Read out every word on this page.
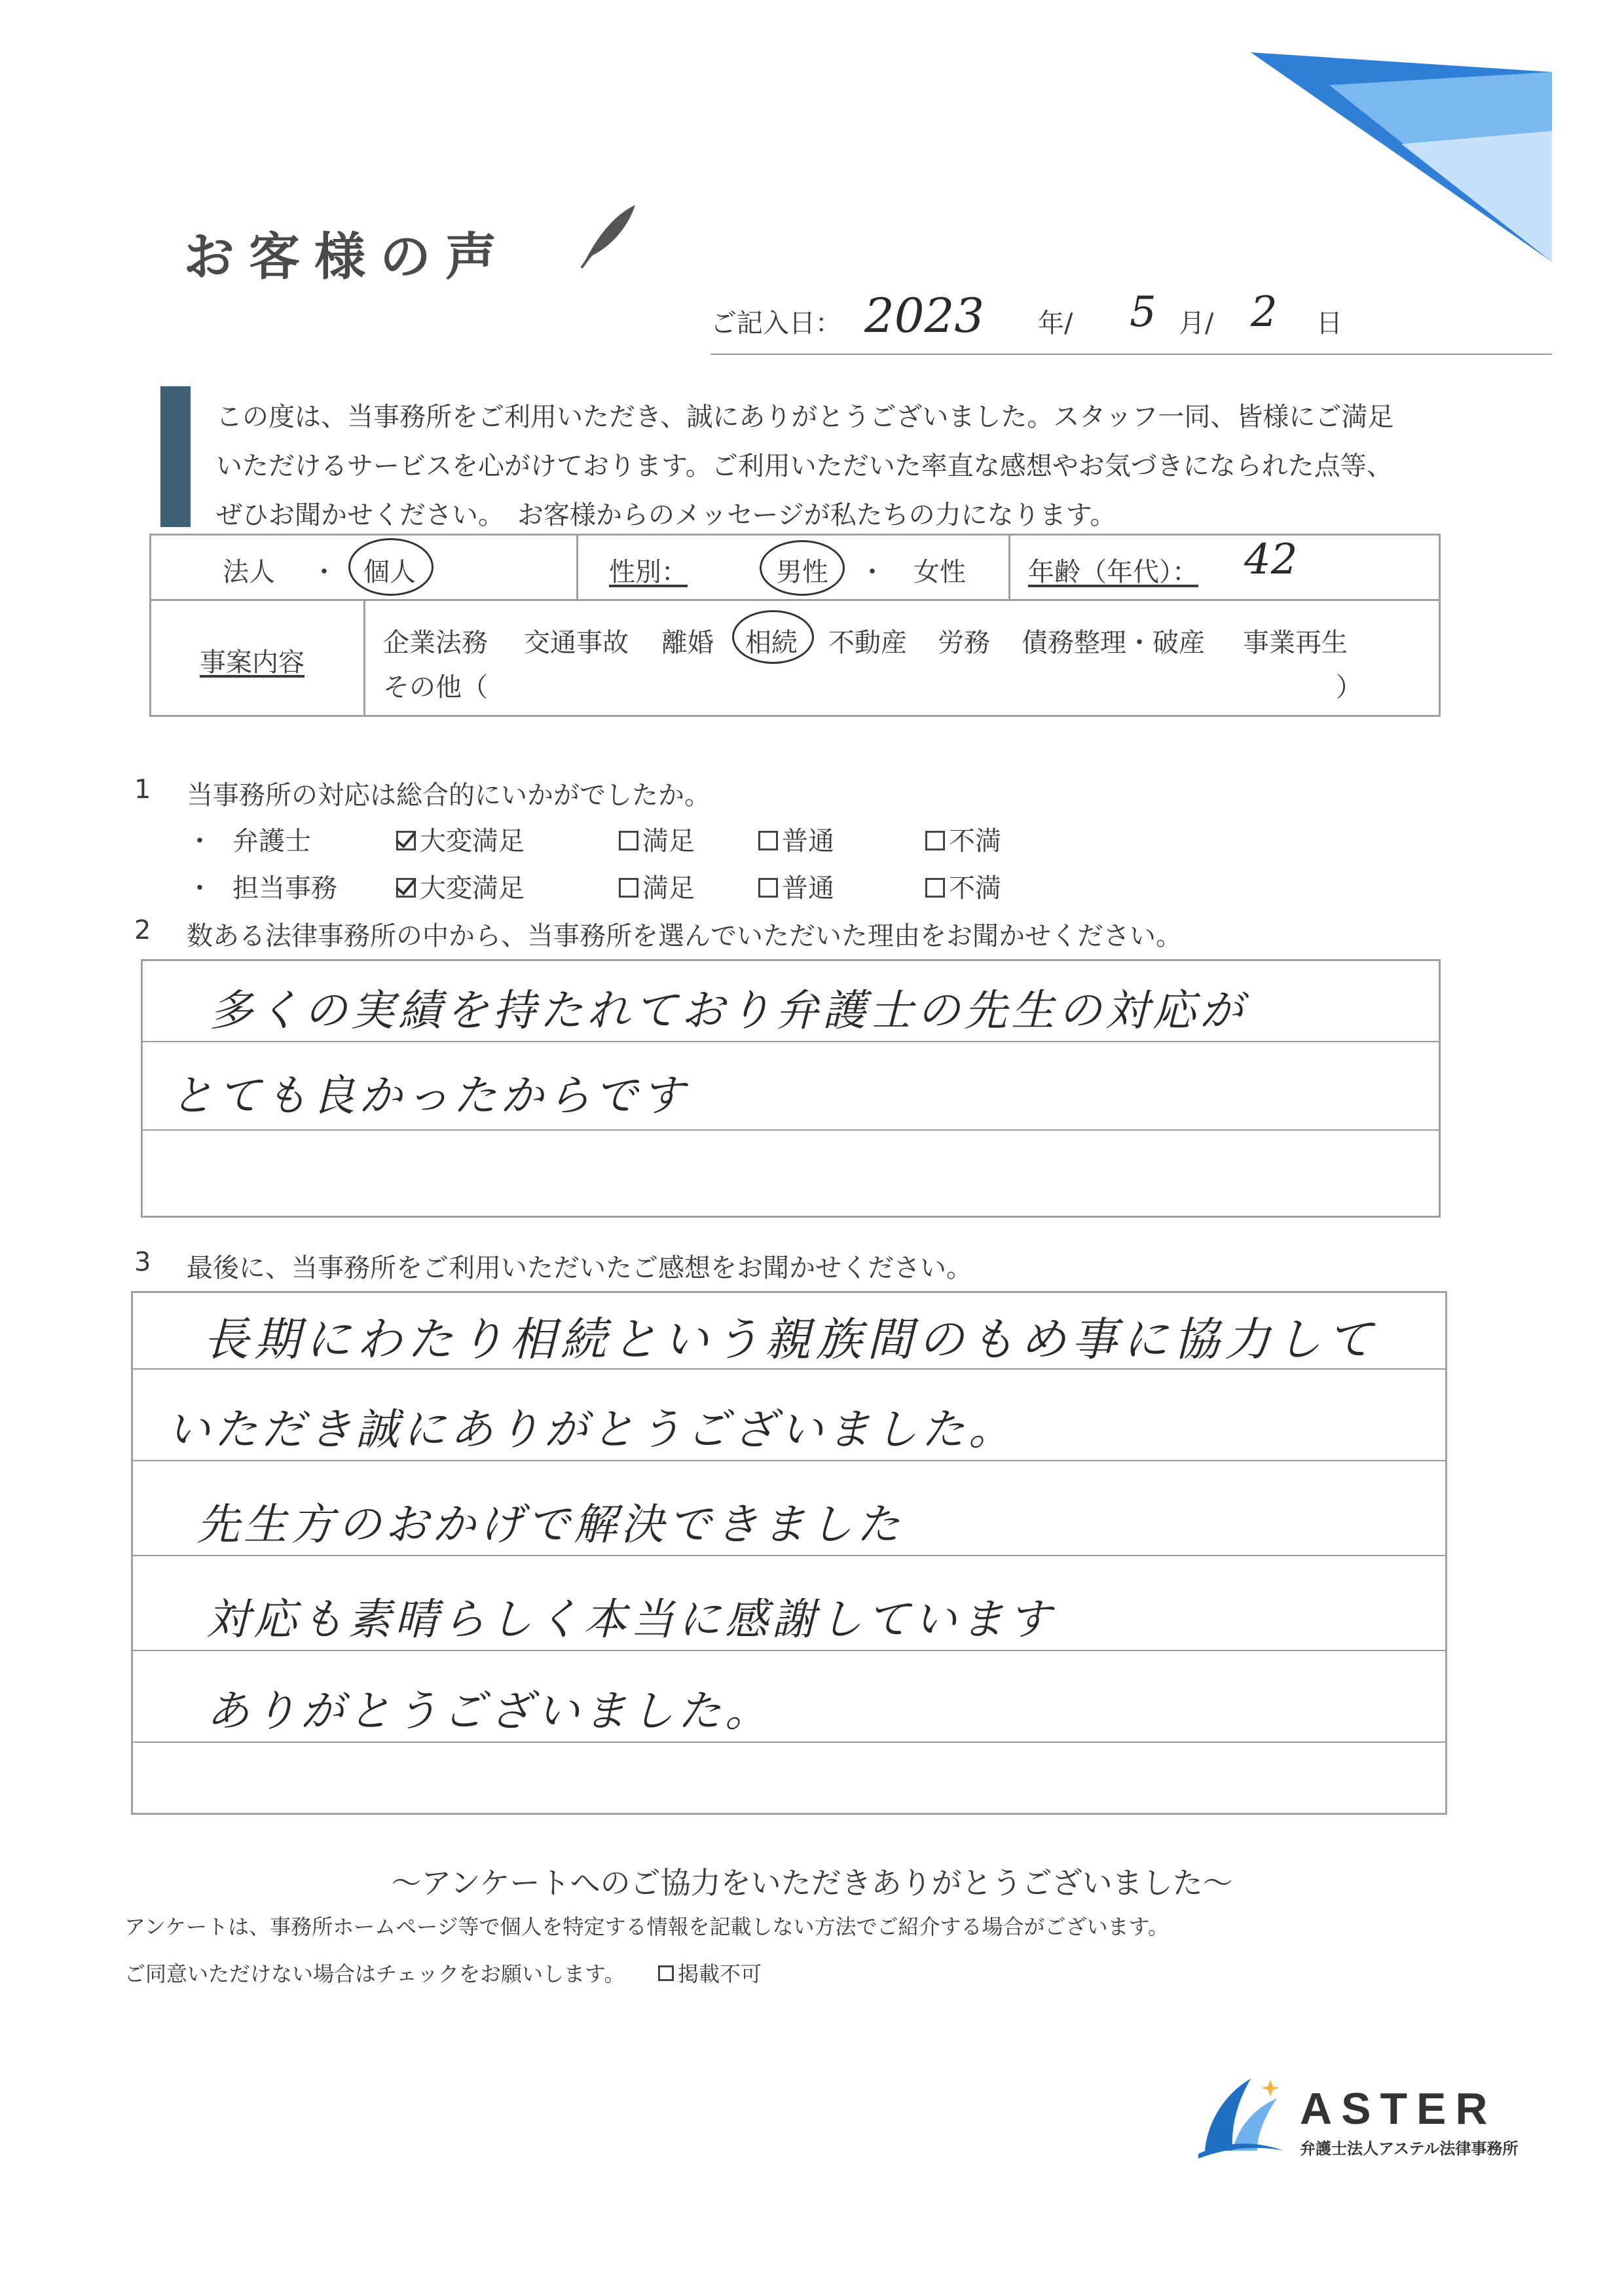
お客様の声
ご記入日： 2023 年/ 5 月/ 2 日
この度は、当事務所をご利用いただき、誠にありがとうございました。スタッフ一同、皆様にご満足
いただけるサービスを心がけております。ご利用いただいた率直な感想やお気づきになられた点等、
ぜひお聞かせください。　お客様からのメッセージが私たちの力になります。
法人 ・ 個人	性別：	男性 ・ 女性 年齢（年代）： 42
事案内容
企業法務 交通事故 離婚 相続 不動産 労務 債務整理・破産 事業再生
その他（	）
1 当事務所の対応は総合的にいかがでしたか。
・ 弁護士	大変満足	満足	普通	不満
・ 担当事務	大変満足	満足	普通	不満
2 数ある法律事務所の中から、当事務所を選んでいただいた理由をお聞かせください。
多くの実績を持たれており弁護士の先生の対応が
とても良かったからです
3 最後に、当事務所をご利用いただいたご感想をお聞かせください。
長期にわたり相続という親族間のもめ事に協力して
いただき誠にありがとうございました。
先生方のおかげで解決できました
対応も素晴らしく本当に感謝しています
ありがとうございました。
～アンケートへのご協力をいただきありがとうございました～
アンケートは、事務所ホームページ等で個人を特定する情報を記載しない方法でご紹介する場合がございます。
ご同意いただけない場合はチェックをお願いします。	掲載不可
ASTER
弁護士法人アステル法律事務所
